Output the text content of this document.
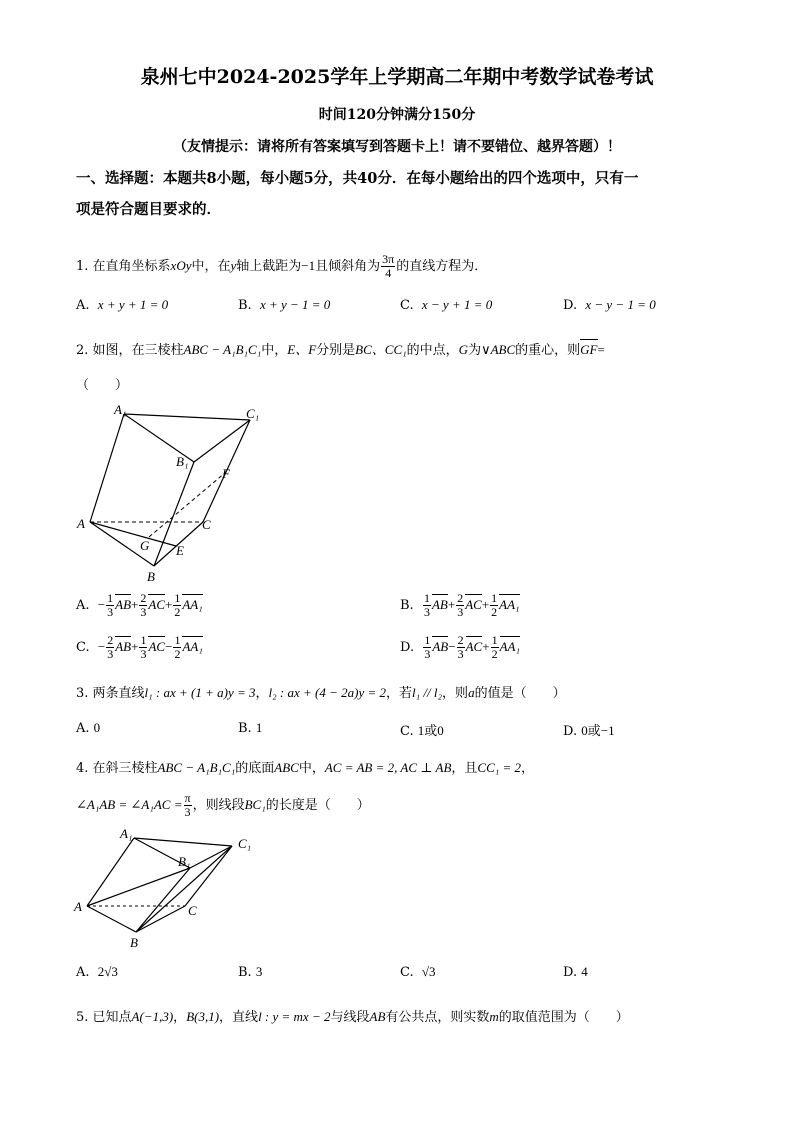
泉州七中2024-2025学年上学期高二年期中考数学试卷考试
时间120分钟满分150分
（友情提示：请将所有答案填写到答题卡上！请不要错位、越界答题）！
一、选择题：本题共8小题，每小题5分，共40分．在每小题给出的四个选项中，只有一
项是符合题目要求的．
1. 在直角坐标系xOy中，在y轴上截距为−1且倾斜角为 $\frac{3\pi}{4}$ 的直线方程为．
A. x + y + 1 = 0	B. x + y − 1 = 0	C. x − y + 1 = 0	D. x − y − 1 = 0
2. 如图，在三棱柱ABC − A₁B₁C₁中，E、F分别是BC、CC₁的中点，G为∨ABC的重心，则GF=
（　　）
A₁	C₁
B₁
F
A	C
G E
B
A. − $\frac{1}{3} AB+ \frac{2}{3} AC+ \frac{1}{2} AA_1$	B. $\frac{1}{3} AB+ \frac{2}{3} AC+ \frac{1}{2} AA_1$
C. − $\frac{2}{3} AB+ \frac{1}{3} AC- \frac{1}{2} AA_1$	D. $\frac{1}{3} AB- \frac{2}{3} AC+ \frac{1}{2} AA_1$
3. 两条直线l₁ : ax + (1 + a)y = 3，l₂ : ax + (4 − 2a)y = 2，若l₁ // l₂，则a的值是（　　）
A. 0	B. 1	C. 1或0	D. 0或−1
4. 在斜三棱柱ABC − A₁B₁C₁的底面ABC中，AC = AB = 2, AC ⊥ AB，且CC₁ = 2，
∠A₁AB = ∠A₁AC = $\frac{\pi}{3}$ ，则线段BC₁的长度是（　　）
A₁
B₁
C₁
A	C
B
A. 2√3	B. 3	C. √3	D. 4
5. 已知点A(−1,3)，B(3,1)，直线l : y = mx − 2与线段AB有公共点，则实数m的取值范围为（　　）
